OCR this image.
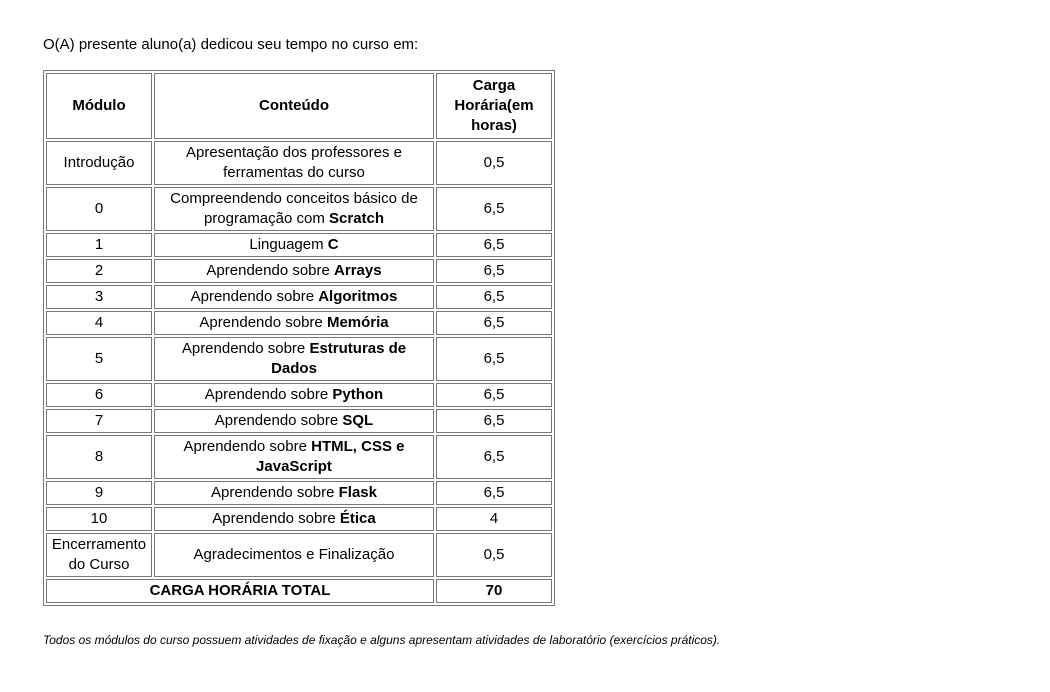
O(A) presente aluno(a) dedicou seu tempo no curso em:
Módulo	Conteúdo	Carga Horária(em horas)
Introdução	Apresentação dos professores e ferramentas do curso	0,5
0	Compreendendo conceitos básico de programação com Scratch	6,5
1	Linguagem C	6,5
2	Aprendendo sobre Arrays	6,5
3	Aprendendo sobre Algoritmos	6,5
4	Aprendendo sobre Memória	6,5
5	Aprendendo sobre Estruturas de Dados	6,5
6	Aprendendo sobre Python	6,5
7	Aprendendo sobre SQL	6,5
8	Aprendendo sobre HTML, CSS e JavaScript	6,5
9	Aprendendo sobre Flask	6,5
10	Aprendendo sobre Ética	4
Encerramento do Curso	Agradecimentos e Finalização	0,5
CARGA HORÁRIA TOTAL		70
Todos os módulos do curso possuem atividades de fixação e alguns apresentam atividades de laboratório (exercícios práticos).
